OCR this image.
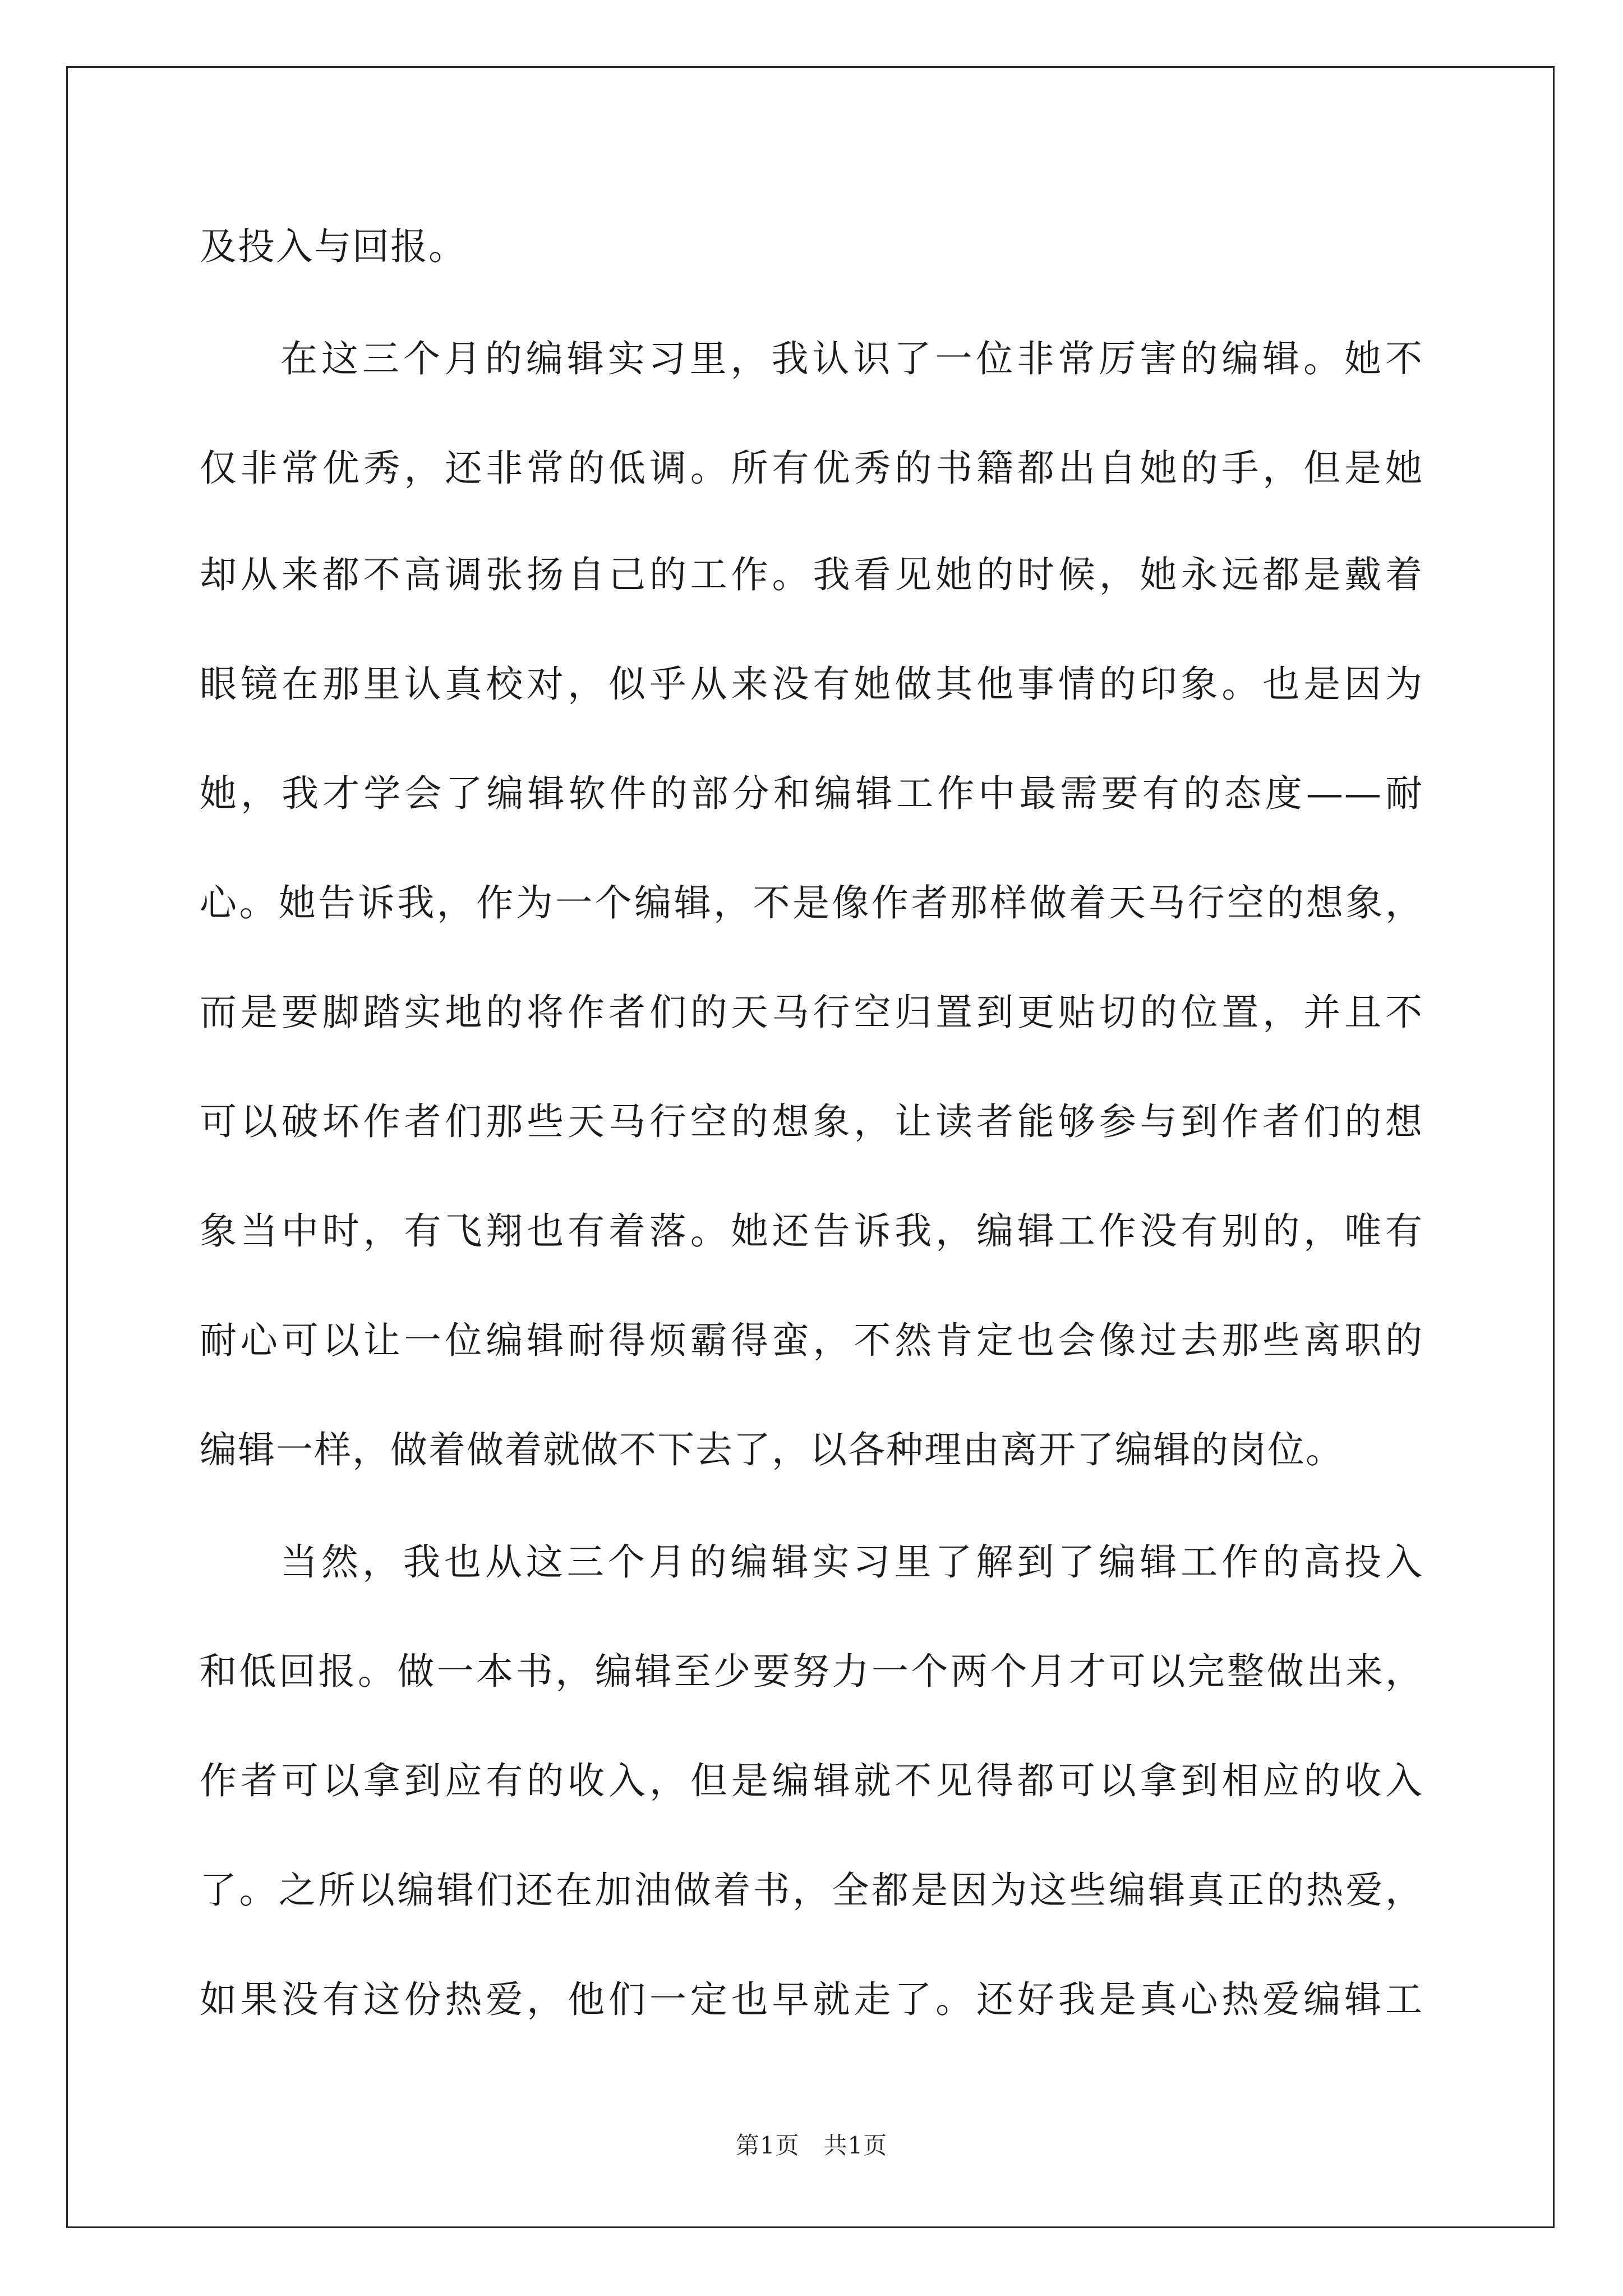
及投入与回报。
在这三个月的编辑实习里，我认识了一位非常厉害的编辑。她不
仅非常优秀，还非常的低调。所有优秀的书籍都出自她的手，但是她
却从来都不高调张扬自己的工作。我看见她的时候，她永远都是戴着
眼镜在那里认真校对，似乎从来没有她做其他事情的印象。也是因为
她，我才学会了编辑软件的部分和编辑工作中最需要有的态度——耐
心。她告诉我，作为一个编辑，不是像作者那样做着天马行空的想象，
而是要脚踏实地的将作者们的天马行空归置到更贴切的位置，并且不
可以破坏作者们那些天马行空的想象，让读者能够参与到作者们的想
象当中时，有飞翔也有着落。她还告诉我，编辑工作没有别的，唯有
耐心可以让一位编辑耐得烦霸得蛮，不然肯定也会像过去那些离职的
编辑一样，做着做着就做不下去了，以各种理由离开了编辑的岗位。
当然，我也从这三个月的编辑实习里了解到了编辑工作的高投入
和低回报。做一本书，编辑至少要努力一个两个月才可以完整做出来，
作者可以拿到应有的收入，但是编辑就不见得都可以拿到相应的收入
了。之所以编辑们还在加油做着书，全都是因为这些编辑真正的热爱，
如果没有这份热爱，他们一定也早就走了。还好我是真心热爱编辑工
第1页　共1页
